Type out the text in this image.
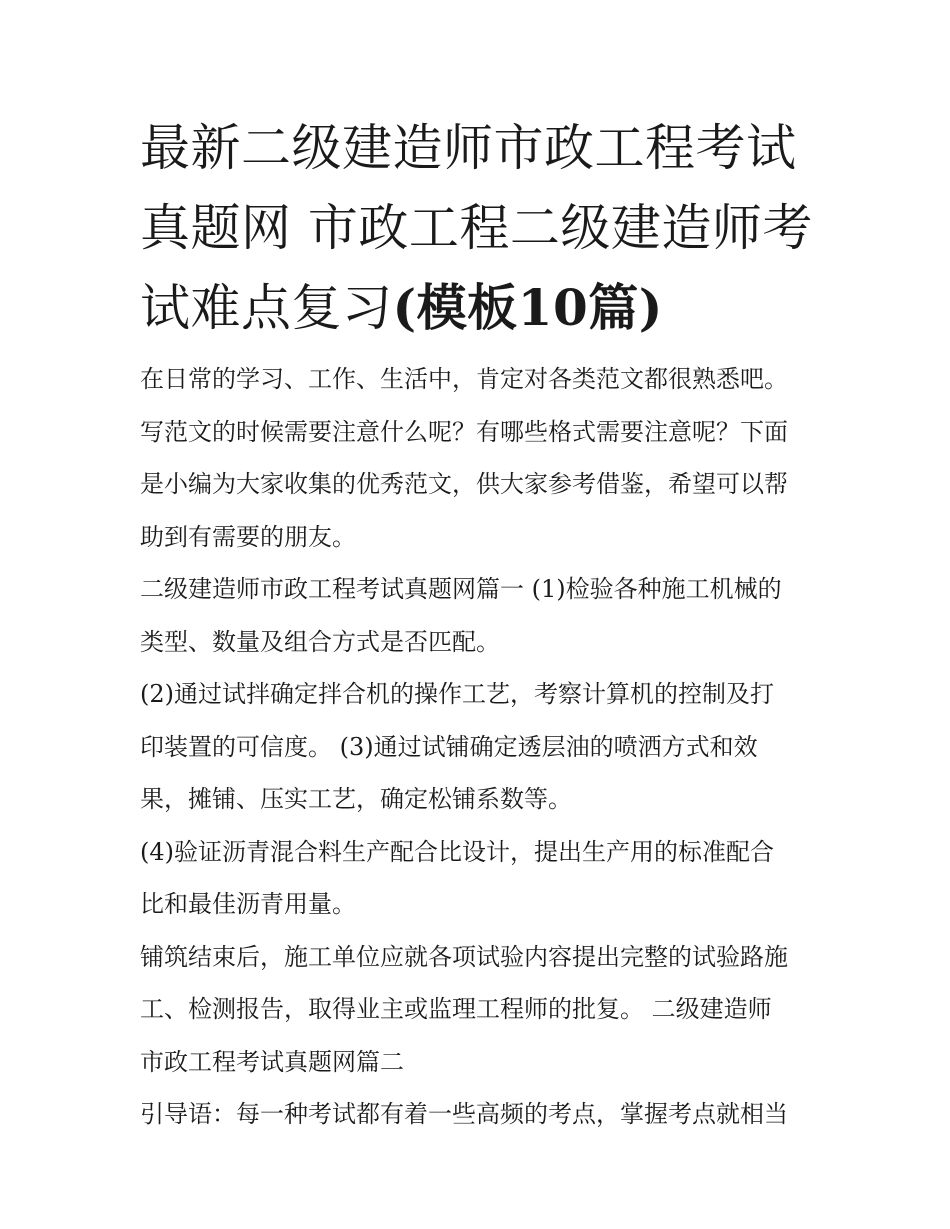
最新二级建造师市政工程考试
真题网 市政工程二级建造师考
试难点复习(模板10篇)
在日常的学习、工作、生活中，肯定对各类范文都很熟悉吧。
写范文的时候需要注意什么呢？有哪些格式需要注意呢？下面
是小编为大家收集的优秀范文，供大家参考借鉴，希望可以帮
助到有需要的朋友。
二级建造师市政工程考试真题网篇一 (1)检验各种施工机械的
类型、数量及组合方式是否匹配。
(2)通过试拌确定拌合机的操作工艺，考察计算机的控制及打
印装置的可信度。 (3)通过试铺确定透层油的喷洒方式和效
果，摊铺、压实工艺，确定松铺系数等。
(4)验证沥青混合料生产配合比设计，提出生产用的标准配合
比和最佳沥青用量。
铺筑结束后，施工单位应就各项试验内容提出完整的试验路施
工、检测报告，取得业主或监理工程师的批复。 二级建造师
市政工程考试真题网篇二
引导语：每一种考试都有着一些高频的考点，掌握考点就相当
